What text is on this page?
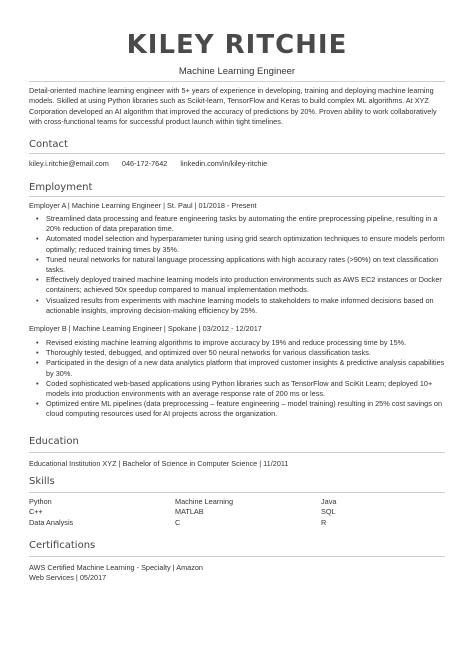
KILEY RITCHIE
Machine Learning Engineer

Detail-oriented machine learning engineer with 5+ years of experience in developing, training and deploying machine learning models. Skilled at using Python libraries such as Scikit-learn, TensorFlow and Keras to build complex ML algorithms. At XYZ Corporation developed an AI algorithm that improved the accuracy of predictions by 20%. Proven ability to work collaboratively with cross-functional teams for successful product launch within tight timelines.

Contact
kiley.i.ritchie@email.com 046-172-7642 linkedin.com/in/kiley-ritchie
Employment
Employer A | Machine Learning Engineer | St. Paul | 01/2018 - Present
• Streamlined data processing and feature engineering tasks by automating the entire preprocessing pipeline, resulting in a 20% reduction of data preparation time.
• Automated model selection and hyperparameter tuning using grid search optimization techniques to ensure models perform optimally; reduced training times by 35%.
• Tuned neural networks for natural language processing applications with high accuracy rates (>90%) on text classification tasks.
• Effectively deployed trained machine learning models into production environments such as AWS EC2 instances or Docker containers; achieved 50x speedup compared to manual implementation methods.
• Visualized results from experiments with machine learning models to stakeholders to make informed decisions based on actionable insights, improving decision-making efficiency by 25%.
Employer B | Machine Learning Engineer | Spokane | 03/2012 - 12/2017
• Revised existing machine learning algorithms to improve accuracy by 19% and reduce processing time by 15%.
• Thoroughly tested, debugged, and optimized over 50 neural networks for various classification tasks.
• Participated in the design of a new data analytics platform that improved customer insights & predictive analysis capabilities by 30%.
• Coded sophisticated web-based applications using Python libraries such as TensorFlow and SciKit Learn; deployed 10+ models into production environments with an average response rate of 200 ms or less.
• Optimized entire ML pipelines (data preprocessing – feature engineering – model training) resulting in 25% cost savings on cloud computing resources used for AI projects across the organization.
Education
Educational Institution XYZ | Bachelor of Science in Computer Science | 11/2011
Skills
Python	Machine Learning	Java
C++	MATLAB	SQL
Data Analysis	C	R
Certifications
AWS Certified Machine Learning - Specialty | Amazon Web Services | 05/2017
